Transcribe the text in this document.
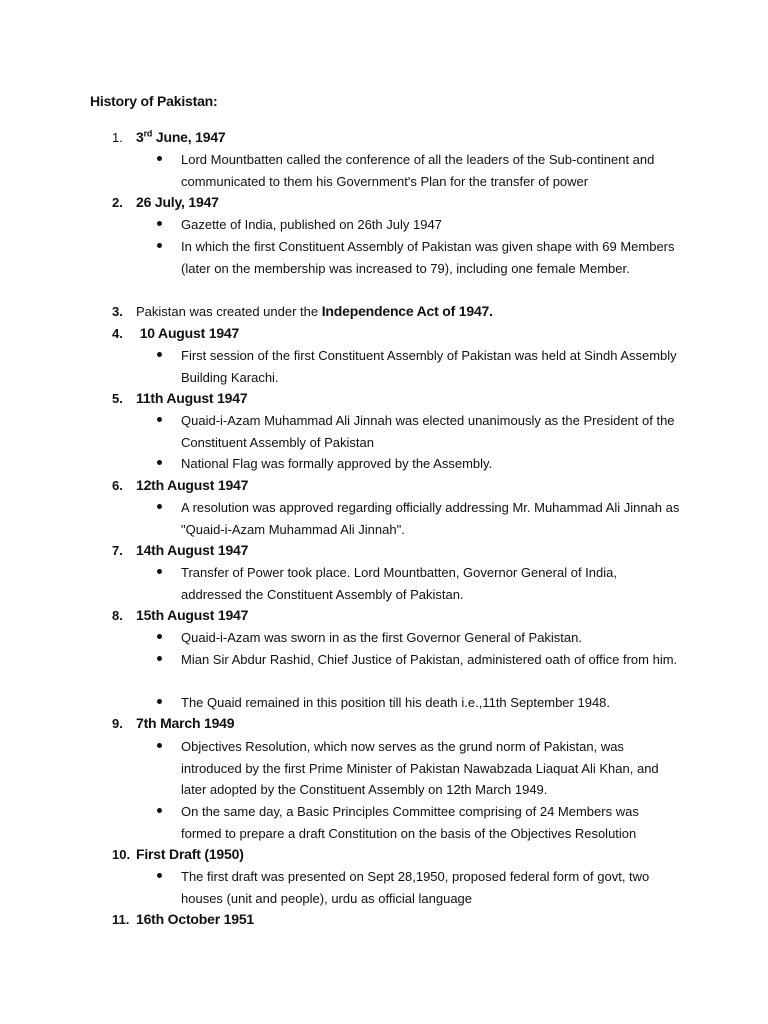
History of Pakistan:
1. 3rd June, 1947
Lord Mountbatten called the conference of all the leaders of the Sub-continent and communicated to them his Government's Plan for the transfer of power
2. 26 July, 1947
Gazette of India, published on 26th July 1947
In which the first Constituent Assembly of Pakistan was given shape with 69 Members (later on the membership was increased to 79), including one female Member.
3. Pakistan was created under the Independence Act of 1947.
4. 10 August 1947
First session of the first Constituent Assembly of Pakistan was held at Sindh Assembly Building Karachi.
5. 11th August 1947
Quaid-i-Azam Muhammad Ali Jinnah was elected unanimously as the President of the Constituent Assembly of Pakistan
National Flag was formally approved by the Assembly.
6. 12th August 1947
A resolution was approved regarding officially addressing Mr. Muhammad Ali Jinnah as "Quaid-i-Azam Muhammad Ali Jinnah".
7. 14th August 1947
Transfer of Power took place. Lord Mountbatten, Governor General of India, addressed the Constituent Assembly of Pakistan.
8. 15th August 1947
Quaid-i-Azam was sworn in as the first Governor General of Pakistan.
Mian Sir Abdur Rashid, Chief Justice of Pakistan, administered oath of office from him.
The Quaid remained in this position till his death i.e.,11th September 1948.
9. 7th March 1949
Objectives Resolution, which now serves as the grund norm of Pakistan, was introduced by the first Prime Minister of Pakistan Nawabzada Liaquat Ali Khan, and later adopted by the Constituent Assembly on 12th March 1949.
On the same day, a Basic Principles Committee comprising of 24 Members was formed to prepare a draft Constitution on the basis of the Objectives Resolution
10. First Draft (1950)
The first draft was presented on Sept 28,1950, proposed federal form of govt, two houses (unit and people), urdu as official language
11. 16th October 1951
